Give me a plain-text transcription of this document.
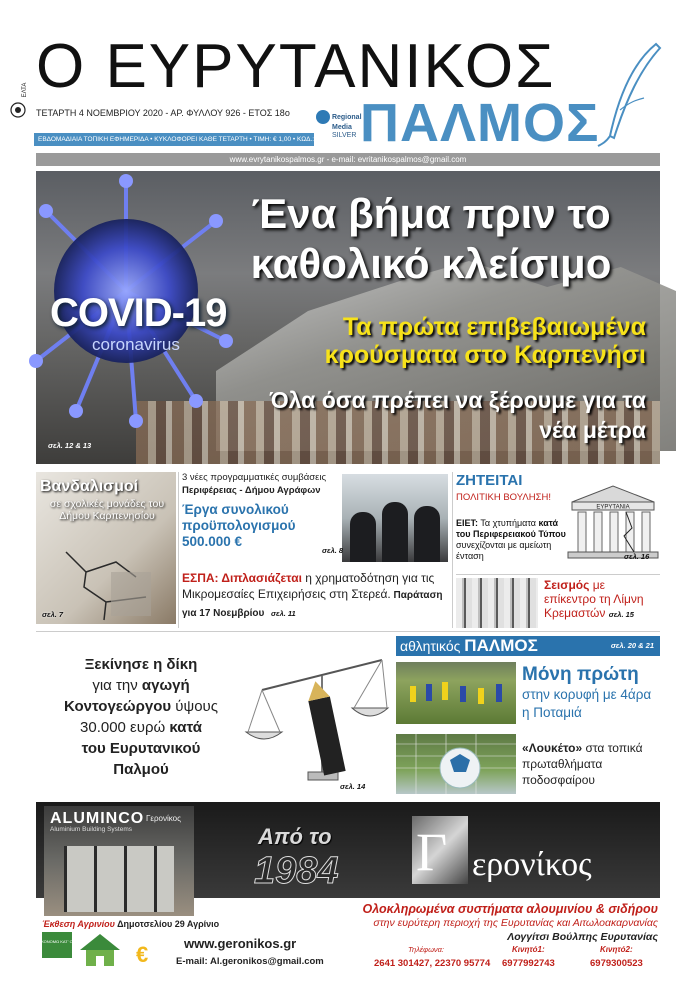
ΕΛΤΑ Ο ΕΥΡΥΤΑΝΙΚΟΣ
ΤΕΤΑΡΤΗ 4 ΝΟΕΜΒΡΙΟΥ 2020 - ΑΡ. ΦΥΛΛΟΥ 926 - ΕΤΟΣ 18ο
ΕΒΔΟΜΑΔΙΑΙΑ ΤΟΠΙΚΗ ΕΦΗΜΕΡΙΔΑ • ΚΥΚΛΟΦΟΡΕΙ ΚΑΘΕ ΤΕΤΑΡΤΗ • ΤΙΜΗ: € 1,00 • ΚΩΔ.: 6763
Regional
Media
SILVER ΠΑΛΜΟΣ
www.evrytanikospalmos.gr - e-mail: evritanikospalmos@gmail.com
Ένα βήμα πριν το καθολικό κλείσιμο
COVID-19
coronavirus
Τα πρώτα επιβεβαιωμένα κρούσματα στο Καρπενήσι
Όλα όσα πρέπει να ξέρουμε για τα νέα μέτρα
σελ. 12 & 13
Βανδαλισμοί
σε σχολικές μονάδες του Δήμου Καρπενησίου
σελ. 7
3 νέες προγραμματικές συμβάσεις
Περιφέρειας - Δήμου Αγράφων
Έργα συνολικού προϋπολογισμού 500.000 €
σελ. 8
ΕΣΠΑ: Διπλασιάζεται η χρηματοδότηση για τις Μικρομεσαίες Επιχειρήσεις στη Στερεά. Παράταση για 17 Νοεμβρίου σελ. 11
ΖΗΤΕΙΤΑΙ
ΠΟΛΙΤΙΚΗ ΒΟΥΛΗΣΗ!
ΕΙΕΤ: Τα χτυπήματα κατά του Περιφερειακού Τύπου συνεχίζονται με αμείωτη ένταση
ΕΥΡΥΤΑΝΙΑ
σελ. 16
Σεισμός με επίκεντρο τη Λίμνη Κρεμαστών σελ. 15
Ξεκίνησε η δίκη
για την αγωγή
Κοντογεώργου ύψους
30.000 ευρώ κατά
του Ευρυτανικού
Παλμού
σελ. 14
αθλητικός ΠΑΛΜΟΣ	σελ. 20 & 21
Μόνη πρώτη
στην κορυφή με 4άρα η Ποταμιά
«Λουκέτο» στα τοπικά πρωταθλήματα ποδοσφαίρου
ALUMINCO
Aluminium Building Systems
Γερονίκος
Έκθεση Αγρινίου Δημοτσελίου 29 Αγρίνιο
Από το
1984 Γ ερονίκος
Ολοκληρωμένα συστήματα αλουμινίου & σιδήρου
στην ευρύτερη περιοχή της Ευρυτανίας και Αιτωλοακαρνανίας
Λογγίτσι Βούλπης Ευρυτανίας
ΕΞΟΙΚΟΝΟΜΩ ΚΑΤ' ΟΙΚΟΝ
€	www.geronikos.gr
E-mail: Al.geronikos@gmail.com
Τηλέφωνα:	Κινητό1:	Κινητό2:
2641 301427, 22370 95774 6977992743	6979300523
